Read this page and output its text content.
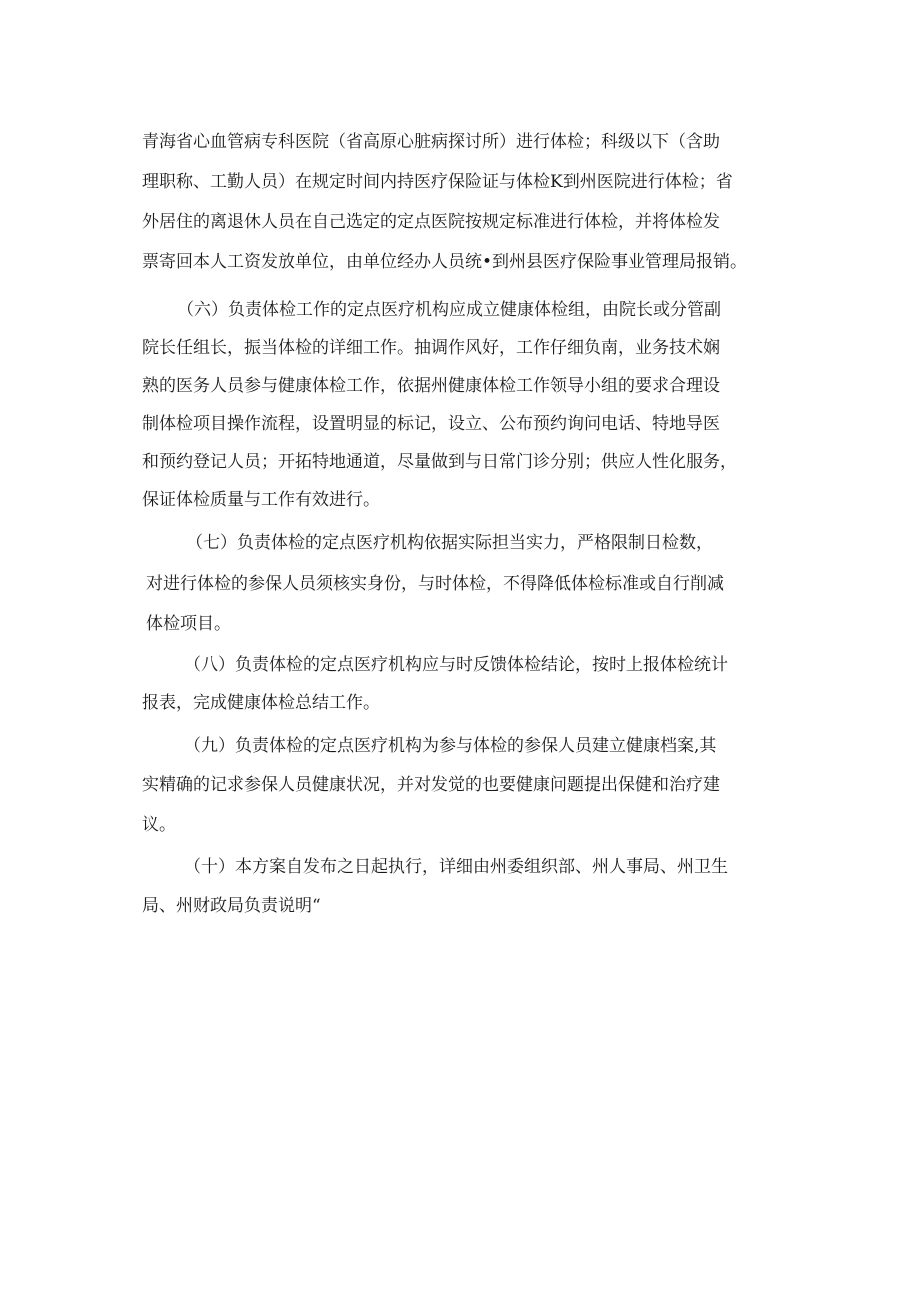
青海省心血管病专科医院（省高原心脏病探讨所）进行体检；科级以下（含助
理职称、工勤人员）在规定时间内持医疗保险证与体检K到州医院进行体检；省
外居住的离退休人员在自己选定的定点医院按规定标准进行体检，并将体检发
票寄回本人工资发放单位，由单位经办人员统•到州县医疗保险事业管理局报销。
（六）负责体检工作的定点医疗机构应成立健康体检组，由院长或分管副
院长任组长，振当体检的详细工作。抽调作风好，工作仔细负南，业务技术娴
熟的医务人员参与健康体检工作，依据州健康体检工作领导小组的要求合理设
制体检项目操作流程，设置明显的标记，设立、公布预约询问电话、特地导医
和预约登记人员；开拓特地通道，尽量做到与日常门诊分别；供应人性化服务，
保证体检质量与工作有效进行。
（七）负责体检的定点医疗机构依据实际担当实力，严格限制日检数，
对进行体检的参保人员须核实身份，与时体检，不得降低体检标准或自行削减
体检项目。
（八）负责体检的定点医疗机构应与时反馈体检结论，按时上报体检统计
报表，完成健康体检总结工作。
（九）负责体检的定点医疗机构为参与体检的参保人员建立健康档案,其
实精确的记求参保人员健康状况，并对发觉的也要健康问题提出保健和治疗建
议。
（十）本方案自发布之日起执行，详细由州委组织部、州人事局、州卫生
局、州财政局负责说明“
